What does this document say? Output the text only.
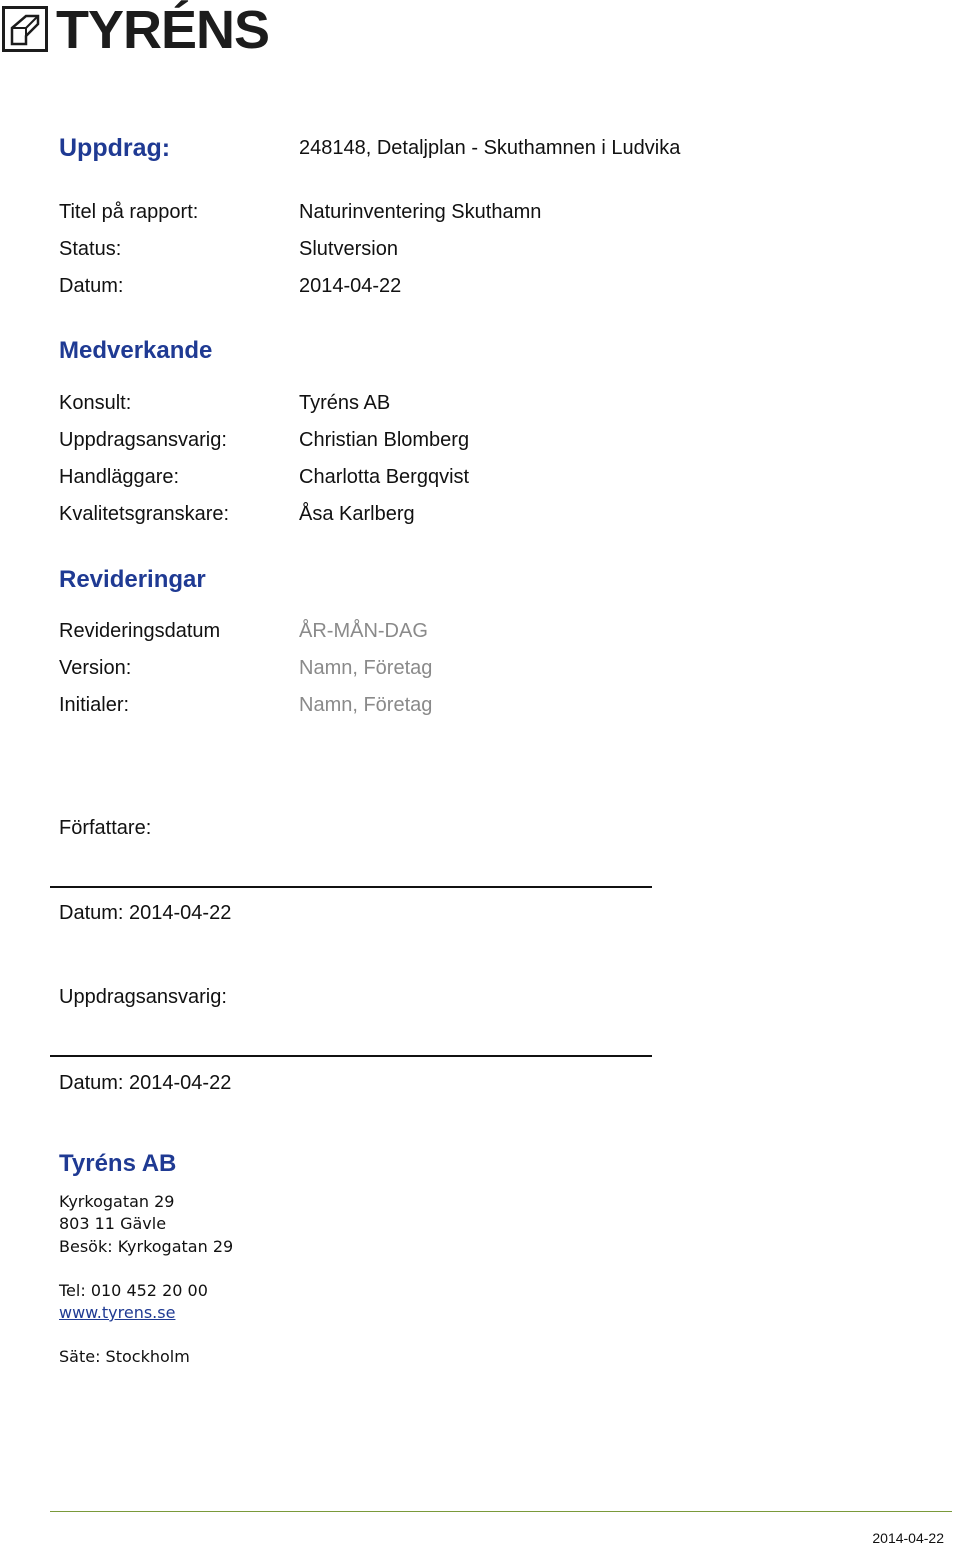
TYRÉNS
Uppdrag:	248148, Detaljplan - Skuthamnen i Ludvika
Titel på rapport:	Naturinventering Skuthamn
Status:	Slutversion
Datum:	2014-04-22
Medverkande
Konsult:	Tyréns AB
Uppdragsansvarig:	Christian Blomberg
Handläggare:	Charlotta Bergqvist
Kvalitetsgranskare:	Åsa Karlberg
Revideringar
Revideringsdatum	ÅR-MÅN-DAG
Version:	Namn, Företag
Initialer:	Namn, Företag
Författare:
Datum: 2014-04-22
Uppdragsansvarig:
Datum: 2014-04-22
Tyréns AB
Kyrkogatan 29
803 11 Gävle
Besök: Kyrkogatan 29
Tel: 010 452 20 00
www.tyrens.se
Säte: Stockholm
2014-04-22
